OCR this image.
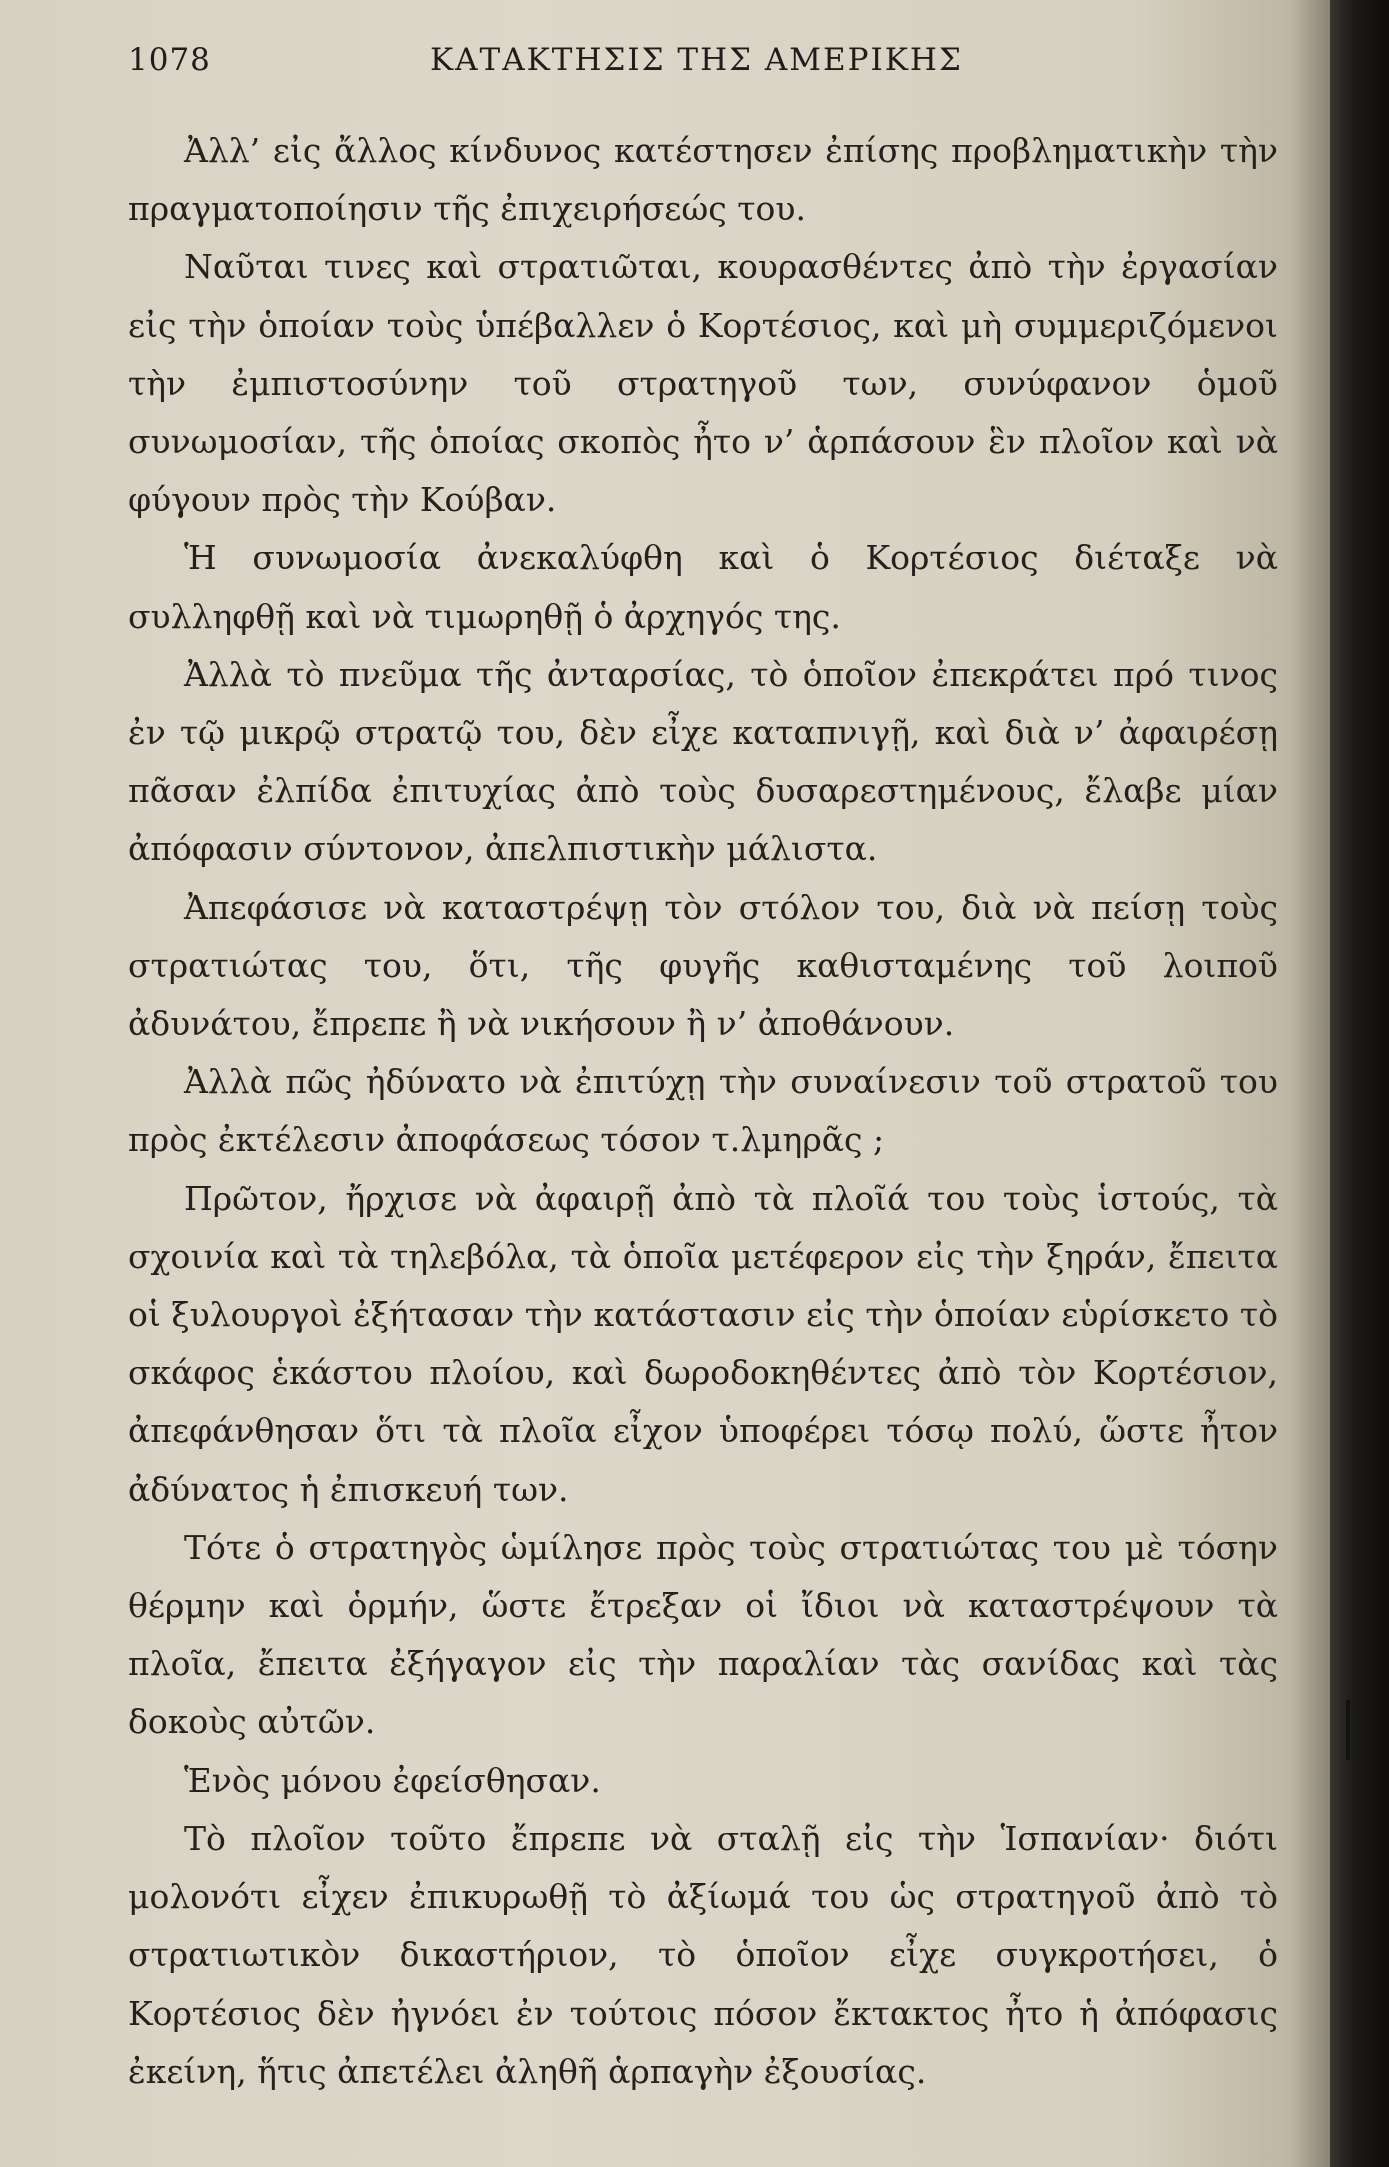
1078	ΚΑΤΑΚΤΗΣΙΣ ΤΗΣ ΑΜΕΡΙΚΗΣ

Ἀλλ’ εἰς ἄλλος κίνδυνος κατέστησεν ἐπίσης προβληματικὴν τὴν πραγματοποίησιν τῆς ἐπιχειρήσεώς του.

Ναῦται τινες καὶ στρατιῶται, κουρασθέντες ἀπὸ τὴν ἐργασίαν εἰς τὴν ὁποίαν τοὺς ὑπέβαλλεν ὁ Κορτέσιος, καὶ μὴ συμμεριζόμενοι τὴν ἐμπιστοσύνην τοῦ στρατηγοῦ των, συνύφανον ὁμοῦ συνωμοσίαν, τῆς ὁποίας σκοπὸς ἦτο ν’ ἁρπάσουν ἓν πλοῖον καὶ νὰ φύγουν πρὸς τὴν Κούβαν.

Ἡ συνωμοσία ἀνεκαλύφθη καὶ ὁ Κορτέσιος διέταξε νὰ συλληφθῇ καὶ νὰ τιμωρηθῇ ὁ ἀρχηγός της.

Ἀλλὰ τὸ πνεῦμα τῆς ἀνταρσίας, τὸ ὁποῖον ἐπεκράτει πρό τινος ἐν τῷ μικρῷ στρατῷ του, δὲν εἶχε καταπνιγῇ, καὶ διὰ ν’ ἀφαιρέσῃ πᾶσαν ἐλπίδα ἐπιτυχίας ἀπὸ τοὺς δυσαρεστημένους, ἔλαβε μίαν ἀπόφασιν σύντονον, ἀπελπιστικὴν μάλιστα.

Ἀπεφάσισε νὰ καταστρέψῃ τὸν στόλον του, διὰ νὰ πείσῃ τοὺς στρατιώτας του, ὅτι, τῆς φυγῆς καθισταμένης τοῦ λοιποῦ ἀδυνάτου, ἔπρεπε ἢ νὰ νικήσουν ἢ ν’ ἀποθάνουν.

Ἀλλὰ πῶς ἠδύνατο νὰ ἐπιτύχῃ τὴν συναίνεσιν τοῦ στρατοῦ του πρὸς ἐκτέλεσιν ἀποφάσεως τόσον τ.λμηρᾶς ;

Πρῶτον, ἤρχισε νὰ ἀφαιρῇ ἀπὸ τὰ πλοῖά του τοὺς ἱστούς, τὰ σχοινία καὶ τὰ τηλεβόλα, τὰ ὁποῖα μετέφερον εἰς τὴν ξηράν, ἔπειτα οἱ ξυλουργοὶ ἐξήτασαν τὴν κατάστασιν εἰς τὴν ὁποίαν εὑρίσκετο τὸ σκάφος ἑκάστου πλοίου, καὶ δωροδοκηθέντες ἀπὸ τὸν Κορτέσιον, ἀπεφάνθησαν ὅτι τὰ πλοῖα εἶχον ὑποφέρει τόσῳ πολύ, ὥστε ἦτον ἀδύνατος ἡ ἐπισκευή των.

Τότε ὁ στρατηγὸς ὡμίλησε πρὸς τοὺς στρατιώτας του μὲ τόσην θέρμην καὶ ὁρμήν, ὥστε ἔτρεξαν οἱ ἴδιοι νὰ καταστρέψουν τὰ πλοῖα, ἔπειτα ἐξήγαγον εἰς τὴν παραλίαν τὰς σανίδας καὶ τὰς δοκοὺς αὐτῶν.

Ἑνὸς μόνου ἐφείσθησαν.

Τὸ πλοῖον τοῦτο ἔπρεπε νὰ σταλῇ εἰς τὴν Ἱσπανίαν· διότι μολονότι εἶχεν ἐπικυρωθῇ τὸ ἀξίωμά του ὡς στρατηγοῦ ἀπὸ τὸ στρατιωτικὸν δικαστήριον, τὸ ὁποῖον εἶχε συγκροτήσει, ὁ Κορτέσιος δὲν ἠγνόει ἐν τούτοις πόσον ἔκτακτος ἦτο ἡ ἀπόφασις ἐκείνη, ἥτις ἀπετέλει ἀληθῆ ἁρπαγὴν ἐξουσίας.
